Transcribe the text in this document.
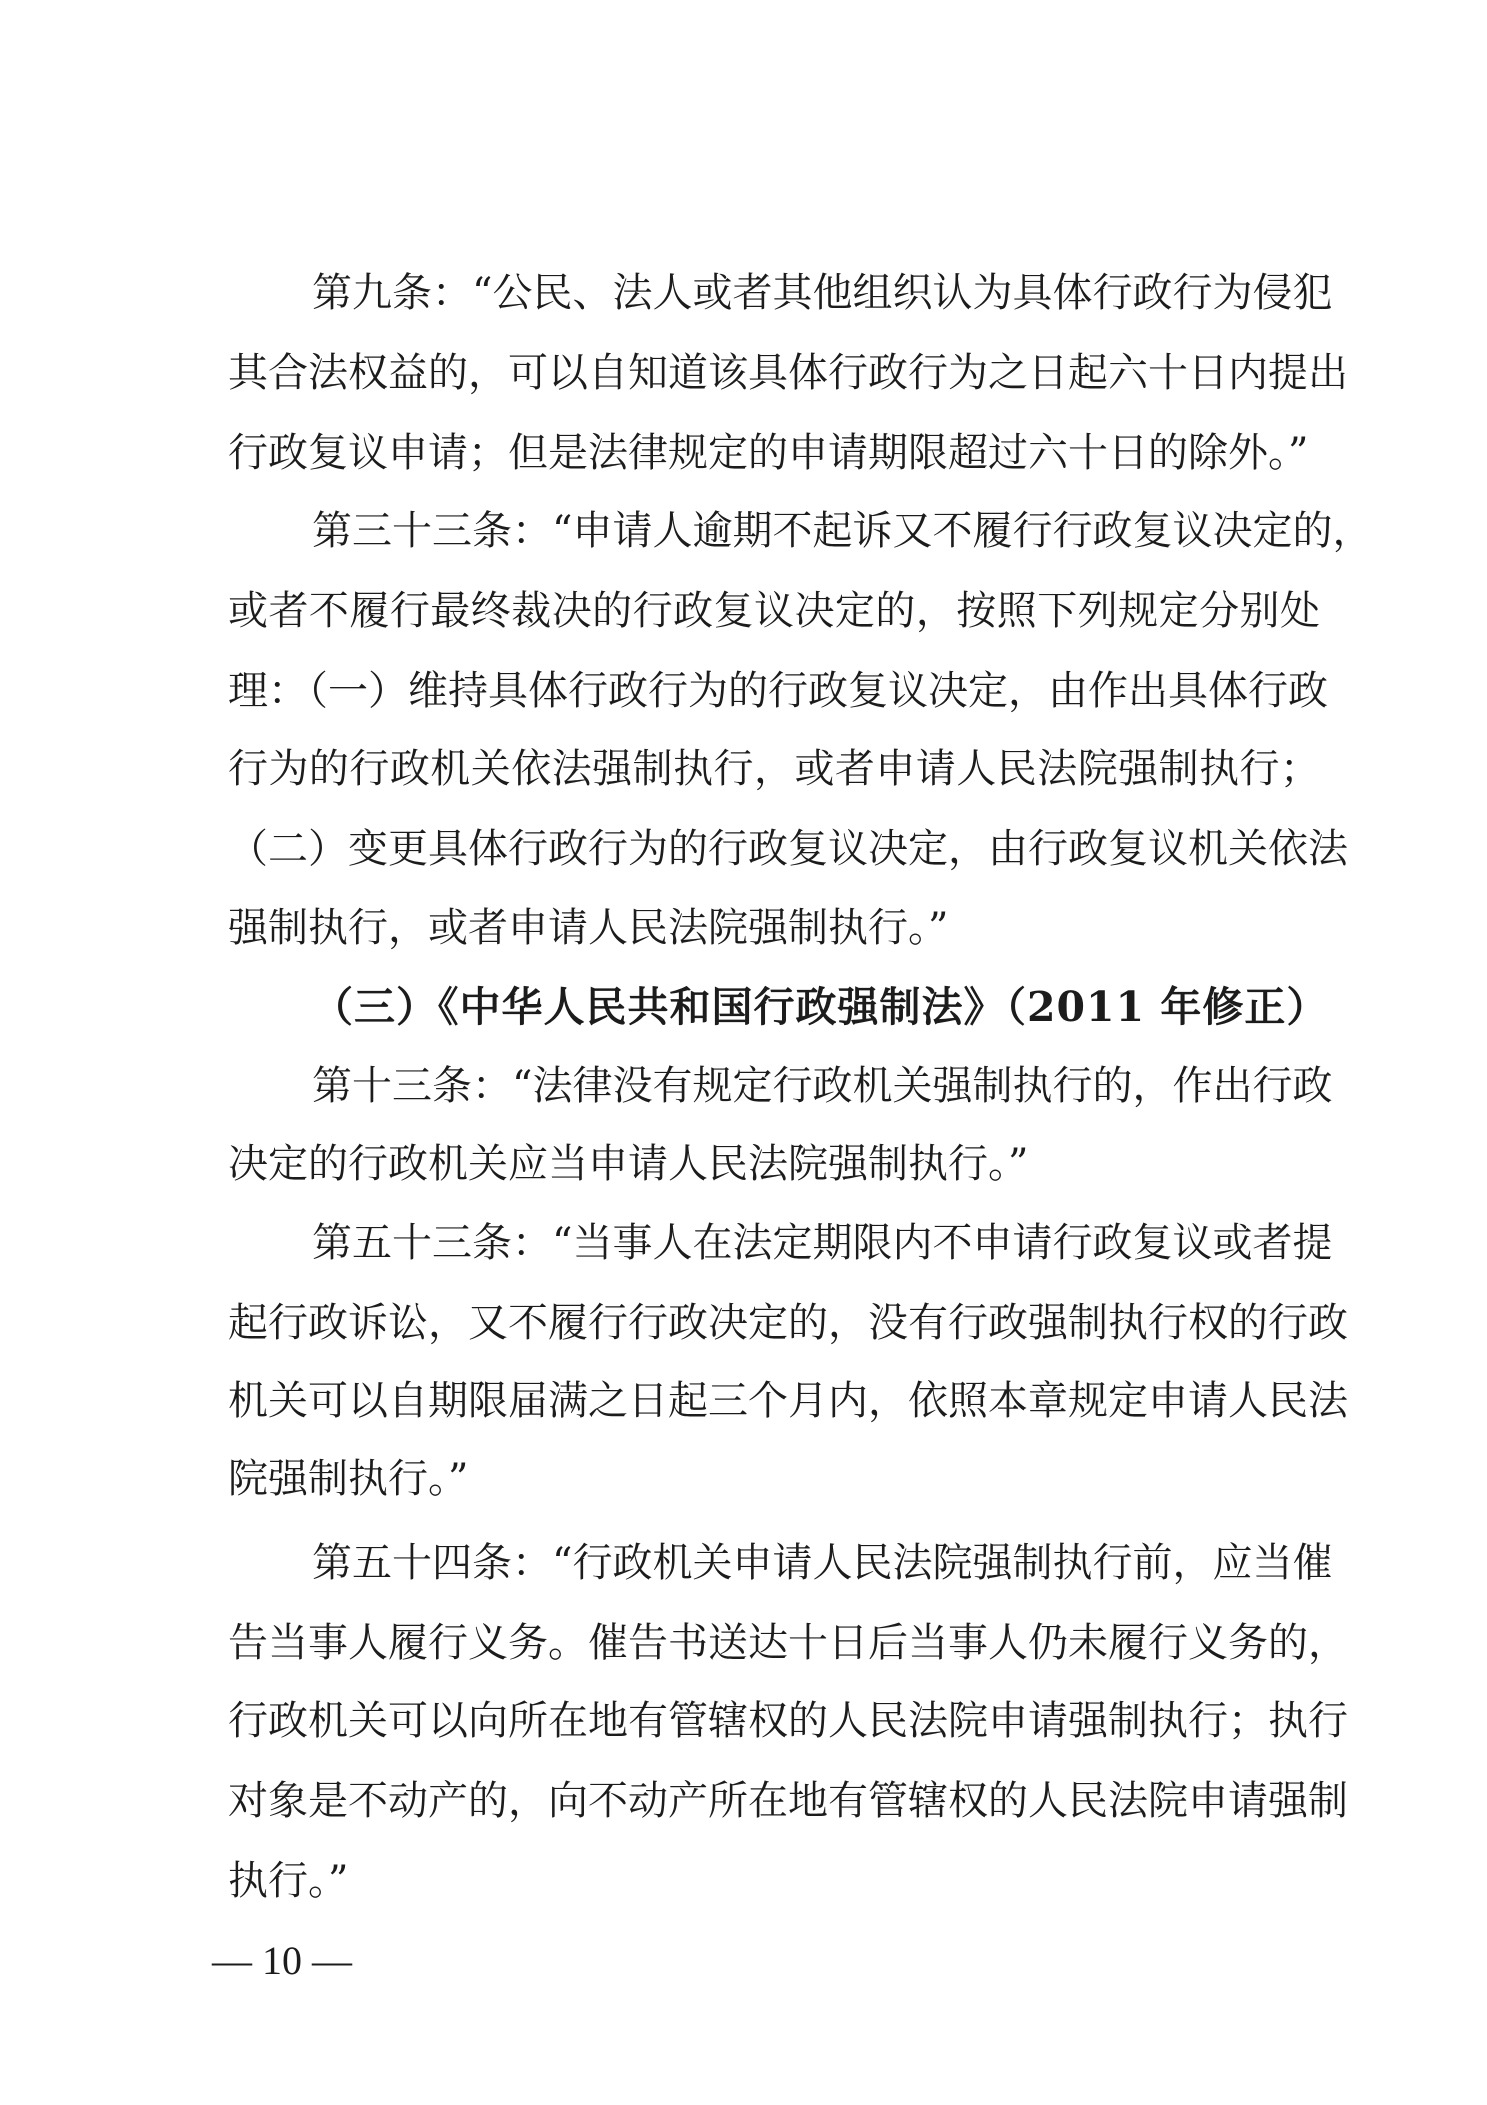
第九条：“公民、法人或者其他组织认为具体行政行为侵犯
其合法权益的，可以自知道该具体行政行为之日起六十日内提出
行政复议申请；但是法律规定的申请期限超过六十日的除外。”
第三十三条：“申请人逾期不起诉又不履行行政复议决定的，
或者不履行最终裁决的行政复议决定的，按照下列规定分别处
理：（一）维持具体行政行为的行政复议决定，由作出具体行政
行为的行政机关依法强制执行，或者申请人民法院强制执行；
（二）变更具体行政行为的行政复议决定，由行政复议机关依法
强制执行，或者申请人民法院强制执行。”
（三）《中华人民共和国行政强制法》（2011 年修正）
第十三条：“法律没有规定行政机关强制执行的，作出行政
决定的行政机关应当申请人民法院强制执行。”
第五十三条：“当事人在法定期限内不申请行政复议或者提
起行政诉讼，又不履行行政决定的，没有行政强制执行权的行政
机关可以自期限届满之日起三个月内，依照本章规定申请人民法
院强制执行。”
第五十四条：“行政机关申请人民法院强制执行前，应当催
告当事人履行义务。催告书送达十日后当事人仍未履行义务的，
行政机关可以向所在地有管辖权的人民法院申请强制执行；执行
对象是不动产的，向不动产所在地有管辖权的人民法院申请强制
执行。”
— 10 —
